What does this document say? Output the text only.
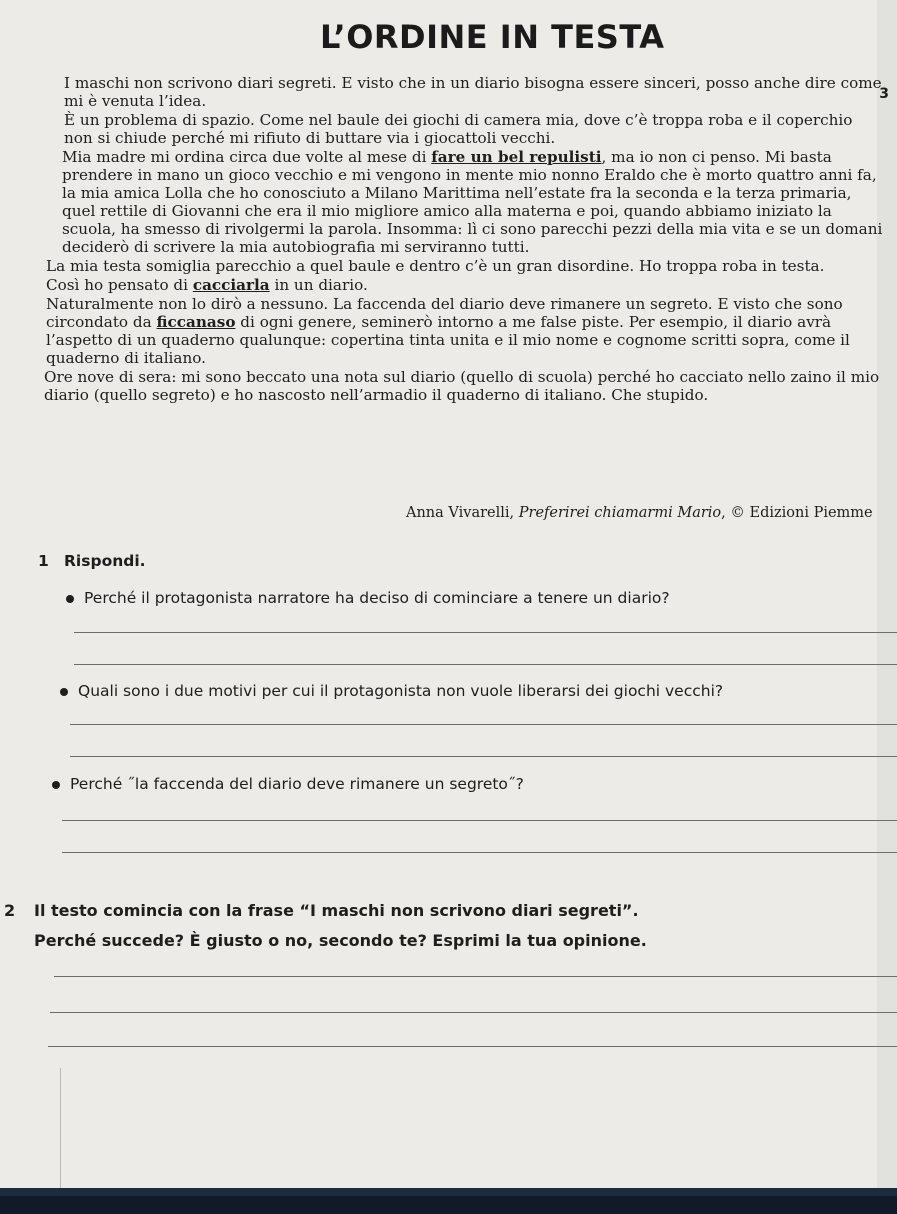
L’ORDINE IN TESTA
3

I maschi non scrivono diari segreti. E visto che in un diario bisogna essere sinceri, posso anche dire come mi è venuta l’idea.

È un problema di spazio. Come nel baule dei giochi di camera mia, dove c’è troppa roba e il coperchio non si chiude perché mi rifiuto di buttare via i giocattoli vecchi.

Mia madre mi ordina circa due volte al mese di fare un bel repulisti, ma io non ci penso. Mi basta prendere in mano un gioco vecchio e mi vengono in mente mio nonno Eraldo che è morto quattro anni fa, la mia amica Lolla che ho conosciuto a Milano Marittima nell’estate fra la seconda e la terza primaria, quel rettile di Giovanni che era il mio migliore amico alla materna e poi, quando abbiamo iniziato la scuola, ha smesso di rivolgermi la parola. Insomma: lì ci sono parecchi pezzi della mia vita e se un domani deciderò di scrivere la mia autobiografia mi serviranno tutti.

La mia testa somiglia parecchio a quel baule e dentro c’è un gran disordine. Ho troppa roba in testa.

Così ho pensato di cacciarla in un diario.

Naturalmente non lo dirò a nessuno. La faccenda del diario deve rimanere un segreto. E visto che sono circondato da ficcanaso di ogni genere, seminerò intorno a me false piste. Per esempio, il diario avrà l’aspetto di un quaderno qualunque: copertina tinta unita e il mio nome e cognome scritti sopra, come il quaderno di italiano.

Ore nove di sera: mi sono beccato una nota sul diario (quello di scuola) perché ho cacciato nello zaino il mio diario (quello segreto) e ho nascosto nell’armadio il quaderno di italiano. Che stupido.

Anna Vivarelli, Preferirei chiamarmi Mario, © Edizioni Piemme
1 Rispondi.
Perché il protagonista narratore ha deciso di cominciare a tenere un diario?
Quali sono i due motivi per cui il protagonista non vuole liberarsi dei giochi vecchi?
Perché ˝la faccenda del diario deve rimanere un segreto˝?
2 Il testo comincia con la frase “I maschi non scrivono diari segreti”.
Perché succede? È giusto o no, secondo te? Esprimi la tua opinione.
